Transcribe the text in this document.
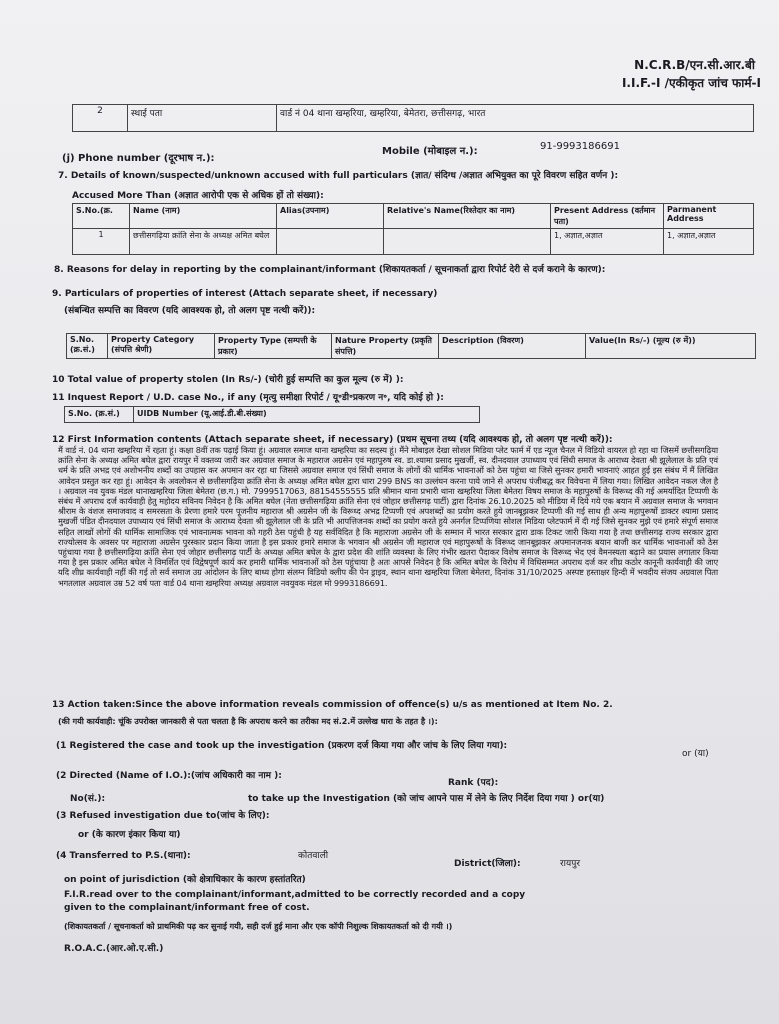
N.C.R.B/एन.सी.आर.बी
I.I.F.-I /एकीकृत जांच फार्म-I
2	स्थाई पता	वार्ड नं 04 थाना खम्हरिया, खम्हरिया, बेमेतरा, छत्तीसगढ़, भारत
(j) Phone number (दूरभाष न.):
Mobile (मोबाइल न.):	91-9993186691
7. Details of known/suspected/unknown accused with full particulars (ज्ञात/ संदिग्ध /अज्ञात अभियुक्त का पूरे विवरण सहित वर्णन ):
Accused More Than (अज्ञात आरोपी एक से अधिक हों तो संख्या):
S.No.(क्र.	Name (नाम)	Alias(उपनाम)	Relative's Name(रिश्तेदार का नाम)	Present Address (वर्तमान पता)	Parmanent Address
1	छत्तीसगढ़िया क्रांति सेना के अध्यक्ष अमित बघेल			1, अज्ञात,अज्ञात	1, अज्ञात,अज्ञात
8. Reasons for delay in reporting by the complainant/informant (शिकायतकर्ता / सूचनाकर्ता द्वारा रिपोर्ट देरी से दर्ज कराने के कारण):
9. Particulars of properties of interest (Attach separate sheet, if necessary)
(संबन्धित सम्पत्ति का विवरण (यदि आवश्यक हो, तो अलग पृष्ट नत्थी करें)):
S.No. (क्र.सं.)	Property Category (संपत्ति श्रेणी)	Property Type (सम्पत्ती के प्रकार)	Nature Property (प्रकृति संपत्ति)	Description (विवरण)	Value(In Rs/-) (मूल्य (रु में))
10 Total value of property stolen (In Rs/-) (चोरी हुई सम्पत्ति का कुल मूल्य (रु में) ):
11 Inquest Report / U.D. case No., if any (मृत्यु समीक्षा रिपोर्ट / यू॰डी॰प्रकरण न॰, यदि कोई हो ):
S.No. (क्र.सं.)	UIDB Number (यू.आई.डी.बी.संख्या)
12 First Information contents (Attach separate sheet, if necessary) (प्रथम सूचना तथ्य (यदि आवश्यक हो, तो अलग पृष्ट नत्थी करें)):
मैं वार्ड नं. 04 थाना खम्हरिया में रहता हूं। कक्षा 8वीं तक पढ़ाई किया हूं। अग्रवाल समाज थाना खम्हरिया का सदस्य हूं। मैंने मोबाइल देखा सोशल मिडिया प्लेट फार्म में एड न्यूज चैनल में विडियो वायरल हो रहा था जिसमें छत्तीसगढ़िया क्रांति सेना के अध्यक्ष अमित बघेल द्वारा रायपुर में वक्तव्य जारी कर अग्रवाल समाज के महाराज अग्रसेन एवं महापुरुष स्व. डा.श्यामा प्रसाद मुखर्जी, स्व. दीनदयाल उपाध्याय एवं सिंधी समाज के आराध्य देवता श्री झूलेलाल के प्रति एवं धर्म के प्रति अभद्र एवं अशोभनीय शब्दों का उपहास कर अपमान कर रहा था जिससे अग्रवाल समाज एवं सिंधी समाज के लोगों की धार्मिक भावनाओं को ठेस पहुंचा था जिसे सुनकर हमारी भावनाएं आहत हुई इस संबंध में मैं लिखित आवेदन प्रस्तुत कर रहा हूं। आवेदन के अवलोकन से छत्तीसगढ़िया क्रांति सेना के अध्यक्ष अमित बघेल द्वारा धारा 299 BNS का उल्लंघन करना पाये जाने से अपराध पंजीबद्ध कर विवेचना में लिया गया। लिखित आवेदन नकल जैल है । अग्रवाल नव युवक मंडल थानाखम्हरिया जिला बेमेतरा (छ.ग.) मो. 7999517063, 88154555555 प्रति श्रीमान थाना प्रभारी थाना खम्हरिया जिला बेमेतरा विषय समाज के महापुरुषों के विरूध्द की गई अमर्यादित टिप्पणी के संबंध में अपराध दर्ज कार्यवाही हेतु महोदय सविनय निवेदन है कि अमित बघेल (नेता छत्तीसगढ़िया क्रांति सेना एवं जोहार छत्तीसगढ़ पार्टी) द्वारा दिनांक 26.10.2025 को मीडिया में दिये गये एक बयान में अग्रवाल समाज के भगवान श्रीराम के वंशज समाजवाद व समरसता के प्रेरणा हमारे परम पूजनीय महाराज श्री अग्रसेन जी के विरूध्द अभद्र टिप्पणी एवं अपशब्दों का प्रयोग करते हुये जानबूझकर टिप्पणी की गई साथ ही अन्य महापुरूषों डाक्टर श्यामा प्रसाद मुखर्जी पंडित दीनदयाल उपाध्याय एवं सिंधी समाज के आराध्य देवता श्री झूलेलाल जी के प्रति भी आपत्तिजनक शब्दों का प्रयोग करते हुये अनर्गल टिप्पणिया सोशल मिडिया प्लेटफार्म में दी गई जिसे सुनकर मुझे एवं हमारे संपूर्ण समाज सहित लाखों लोगों की धार्मिक सामाजिक एवं भावनात्मक भावना को गहरी ठेस पहुंची है यह सर्वविदित है कि महाराजा अग्रसेन जी के सम्मान में भारत सरकार द्वारा डाक टिकट जारी किया गया है तथा छत्तीसगढ़ राज्य सरकार द्वारा राज्योत्सव के अवसर पर महाराजा अग्रसेन पुरस्कार प्रदान किया जाता है इस प्रकार हमारे समाज के भगवान श्री अग्रसेन जी महाराज एवं महापुरूषों के विरूध्द जानबूझकर अपमानजनक बयान बाजी कर धार्मिक भावनाओं को ठेस पहुंचाया गया है छत्तीसगढ़िया क्रांति सेना एवं जोहार छत्तीसगढ़ पार्टी के अध्यक्ष अमित बघेल के द्वारा प्रदेश की शांति व्यवस्था के लिए गंभीर खतरा पैदाकर विशेष समाज के विरूध्द भेद एवं वैमनस्यता बढ़ाने का प्रयास लगातार किया गया है इस प्रकार अमित बघेल ने विमर्शित एवं विद्वेषपूर्ण कार्य कर हमारी धार्मिक भावनाओं को ठेस पहुंचाया है अतः आपसे निवेदन है कि अमित बघेल के विरोध में विधिसम्मत अपराध दर्ज कर शीघ्र कठोर कानूनी कार्यवाही की जाए यदि शीघ्र कार्यवाही नहीं की गई तो सर्व समाज उग्र आंदोलन के लिए बाध्य होगा संलग्न विडियो क्लीप की पेन ड्राइव, स्थान थाना खम्हरिया जिला बेमेतरा, दिनांक 31/10/2025 अस्पष्ट हस्ताक्षर हिन्दी में भवदीय संजय अग्रवाल पिता भगतलाल अग्रवाल उम्र 52 वर्ष पता वार्ड 04 थाना खम्हरिया अध्यक्ष अग्रवाल नवयुवक मंडल मो 9993186691.
13 Action taken:Since the above information reveals commission of offence(s) u/s as mentioned at Item No. 2.
(की गयी कार्यवाही: चूंकि उपरोक्त जानकारी से पता चलता है कि अपराध करने का तरीका मद सं.2.में उल्लेख धारा के तहत है ।):
(1 Registered the case and took up the investigation (प्रकरण दर्ज किया गया और जांच के लिए लिया गया):
or (या)
(2 Directed (Name of I.O.):(जांच अधिकारी का नाम ):
Rank (पद):
No(सं.):	to take up the Investigation (को जांच आपने पास में लेने के लिए निर्देश दिया गया ) or(या)
(3 Refused investigation due to(जांच के लिए):
or (के कारण इंकार किया या)
(4 Transferred to P.S.(थाना):	कोतवाली
District(जिला):	रायपुर
on point of jurisdiction (को क्षेत्राधिकार के कारण हस्तांतरित)
F.I.R.read over to the complainant/informant,admitted to be correctly recorded and a copy
given to the complainant/informant free of cost.
(शिकायतकर्ता / सूचनाकर्ता को प्राथमिकी पढ़ कर सुनाई गयी, सही दर्ज हुई माना और एक कॉपी निशुल्क शिकायतकर्ता को दी गयी ।)
R.O.A.C.(आर.ओ.ए.सी.)
